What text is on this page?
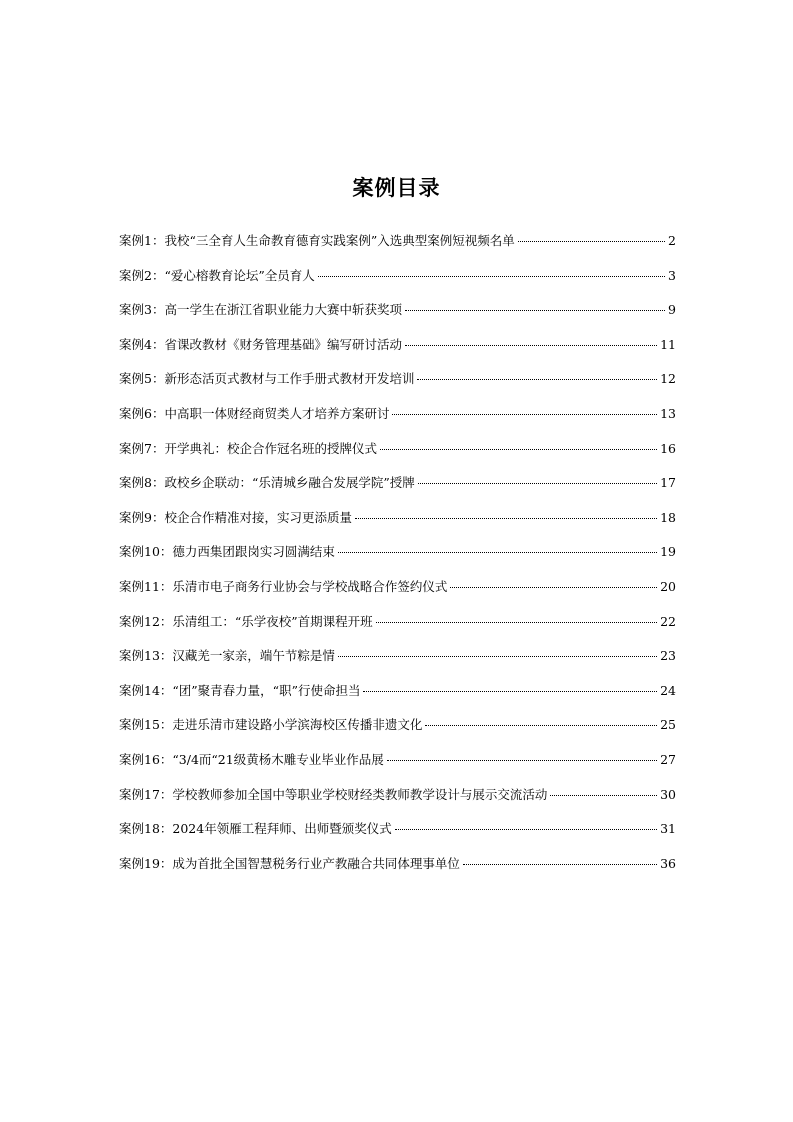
案例目录
案例1：我校“三全育人生命教育德育实践案例”入选典型案例短视频名单	2
案例2：“爱心榕教育论坛”全员育人	3
案例3：高一学生在浙江省职业能力大赛中斩获奖项	9
案例4：省课改教材《财务管理基础》编写研讨活动	11
案例5：新形态活页式教材与工作手册式教材开发培训	12
案例6：中高职一体财经商贸类人才培养方案研讨	13
案例7：开学典礼：校企合作冠名班的授牌仪式	16
案例8：政校乡企联动：“乐清城乡融合发展学院”授牌	17
案例9：校企合作精准对接，实习更添质量	18
案例10：德力西集团跟岗实习圆满结束	19
案例11：乐清市电子商务行业协会与学校战略合作签约仪式	20
案例12：乐清组工：“乐学夜校”首期课程开班	22
案例13：汉藏羌一家亲，端午节粽是情	23
案例14：“团”聚青春力量，“职”行使命担当	24
案例15：走进乐清市建设路小学滨海校区传播非遗文化	25
案例16：“3/4而“21级黄杨木雕专业毕业作品展	27
案例17：学校教师参加全国中等职业学校财经类教师教学设计与展示交流活动	30
案例18：2024年领雁工程拜师、出师暨颁奖仪式	31
案例19：成为首批全国智慧税务行业产教融合共同体理事单位	36
